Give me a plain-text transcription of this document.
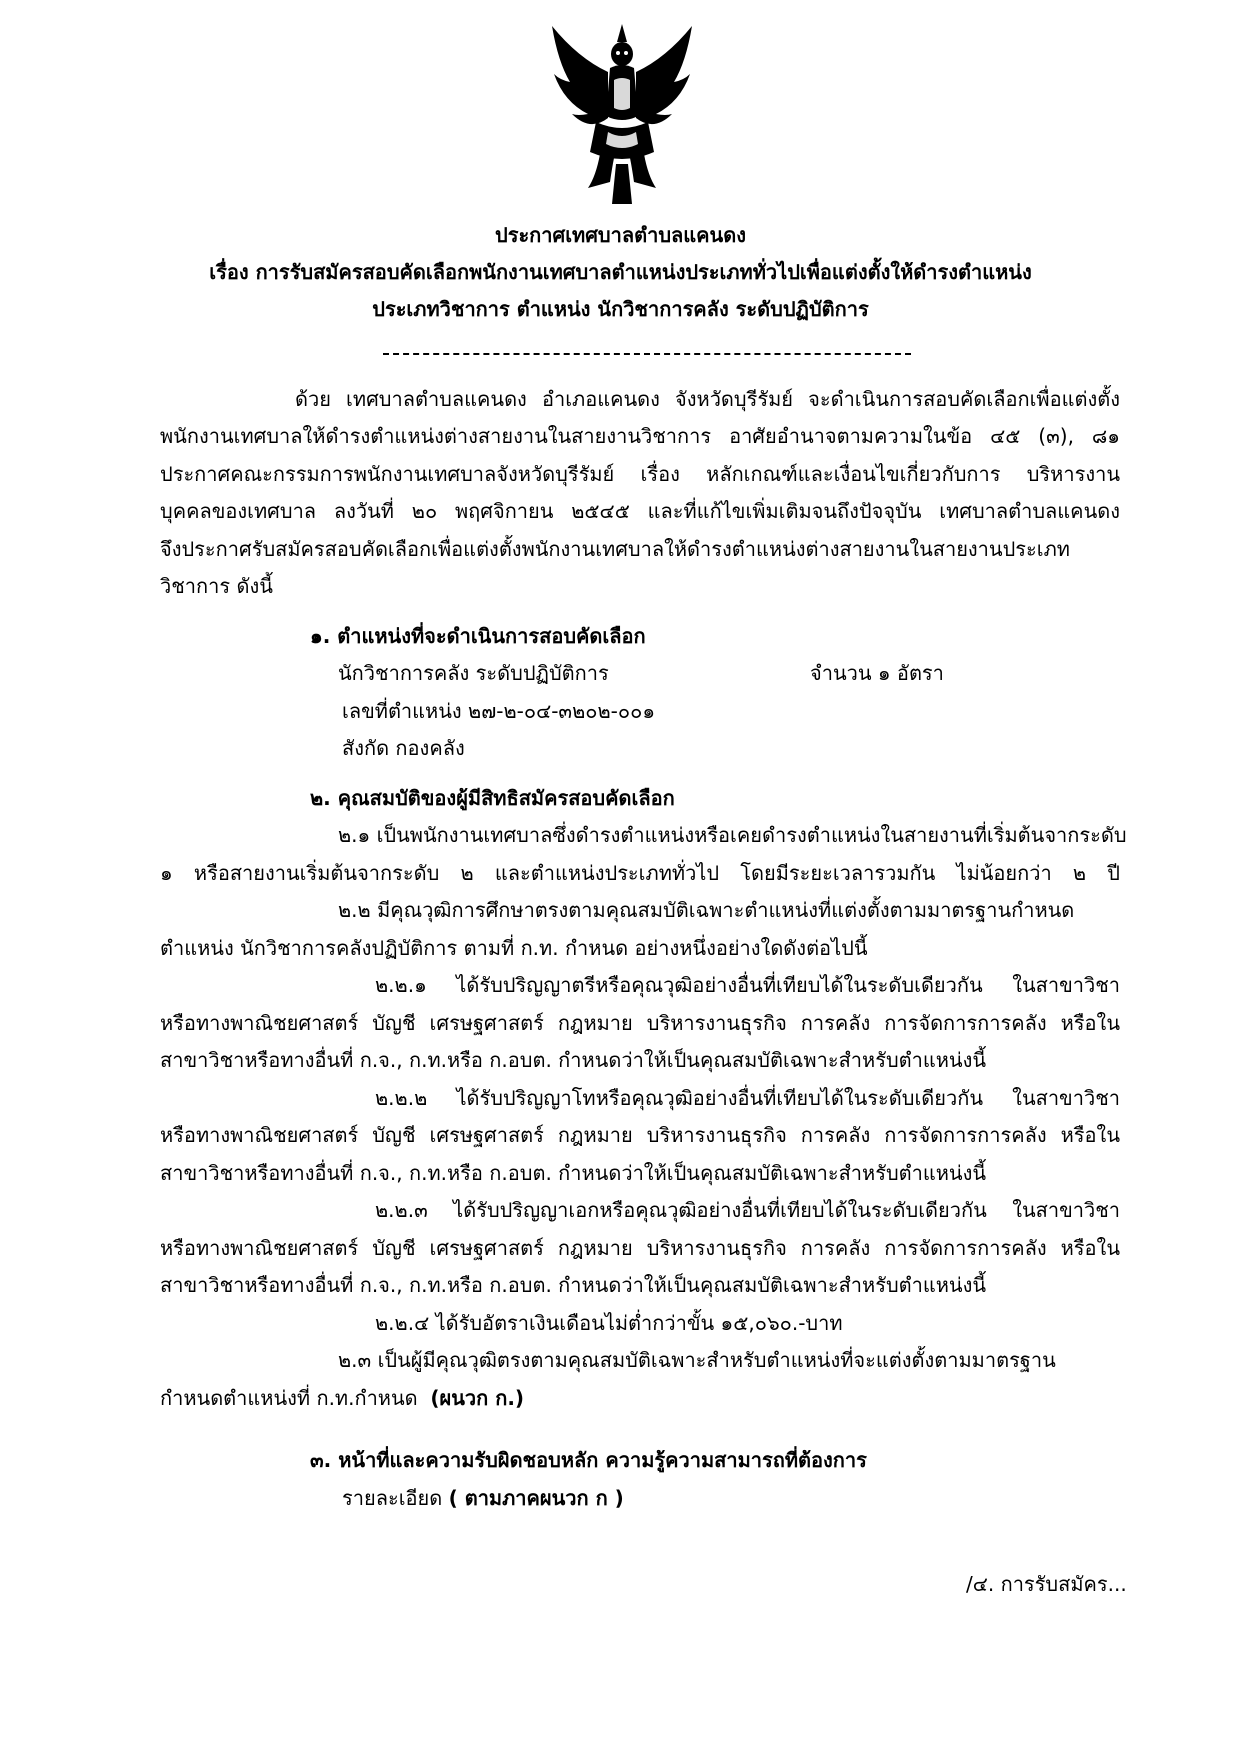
ประกาศเทศบาลตำบลแคนดง
เรื่อง การรับสมัครสอบคัดเลือกพนักงานเทศบาลตำแหน่งประเภททั่วไปเพื่อแต่งตั้งให้ดำรงตำแหน่ง
ประเภทวิชาการ ตำแหน่ง นักวิชาการคลัง ระดับปฏิบัติการ
ด้วย เทศบาลตำบลแคนดง อำเภอแคนดง จังหวัดบุรีรัมย์ จะดำเนินการสอบคัดเลือกเพื่อแต่งตั้ง
พนักงานเทศบาลให้ดำรงตำแหน่งต่างสายงานในสายงานวิชาการ อาศัยอำนาจตามความในข้อ ๔๕ (๓), ๘๑
ประกาศคณะกรรมการพนักงานเทศบาลจังหวัดบุรีรัมย์ เรื่อง หลักเกณฑ์และเงื่อนไขเกี่ยวกับการ บริหารงาน
บุคคลของเทศบาล ลงวันที่ ๒๐ พฤศจิกายน ๒๕๔๕ และที่แก้ไขเพิ่มเติมจนถึงปัจจุบัน เทศบาลตำบลแคนดง
จึงประกาศรับสมัครสอบคัดเลือกเพื่อแต่งตั้งพนักงานเทศบาลให้ดำรงตำแหน่งต่างสายงานในสายงานประเภท
วิชาการ ดังนี้
๑. ตำแหน่งที่จะดำเนินการสอบคัดเลือก
นักวิชาการคลัง ระดับปฏิบัติการ	จำนวน ๑ อัตรา
เลขที่ตำแหน่ง ๒๗-๒-๐๔-๓๒๐๒-๐๐๑
สังกัด กองคลัง
๒. คุณสมบัติของผู้มีสิทธิสมัครสอบคัดเลือก
๒.๑ เป็นพนักงานเทศบาลซึ่งดำรงตำแหน่งหรือเคยดำรงตำแหน่งในสายงานที่เริ่มต้นจากระดับ
๑ หรือสายงานเริ่มต้นจากระดับ ๒ และตำแหน่งประเภททั่วไป โดยมีระยะเวลารวมกัน ไม่น้อยกว่า ๒ ปี
๒.๒ มีคุณวุฒิการศึกษาตรงตามคุณสมบัติเฉพาะตำแหน่งที่แต่งตั้งตามมาตรฐานกำหนด
ตำแหน่ง นักวิชาการคลังปฏิบัติการ ตามที่ ก.ท. กำหนด อย่างหนึ่งอย่างใดดังต่อไปนี้
๒.๒.๑ ได้รับปริญญาตรีหรือคุณวุฒิอย่างอื่นที่เทียบได้ในระดับเดียวกัน ในสาขาวิชา
หรือทางพาณิชยศาสตร์ บัญชี เศรษฐศาสตร์ กฎหมาย บริหารงานธุรกิจ การคลัง การจัดการการคลัง หรือใน
สาขาวิชาหรือทางอื่นที่ ก.จ., ก.ท.หรือ ก.อบต. กำหนดว่าให้เป็นคุณสมบัติเฉพาะสำหรับตำแหน่งนี้
๒.๒.๒ ได้รับปริญญาโทหรือคุณวุฒิอย่างอื่นที่เทียบได้ในระดับเดียวกัน ในสาขาวิชา
หรือทางพาณิชยศาสตร์ บัญชี เศรษฐศาสตร์ กฎหมาย บริหารงานธุรกิจ การคลัง การจัดการการคลัง หรือใน
สาขาวิชาหรือทางอื่นที่ ก.จ., ก.ท.หรือ ก.อบต. กำหนดว่าให้เป็นคุณสมบัติเฉพาะสำหรับตำแหน่งนี้
๒.๒.๓ ได้รับปริญญาเอกหรือคุณวุฒิอย่างอื่นที่เทียบได้ในระดับเดียวกัน ในสาขาวิชา
หรือทางพาณิชยศาสตร์ บัญชี เศรษฐศาสตร์ กฎหมาย บริหารงานธุรกิจ การคลัง การจัดการการคลัง หรือใน
สาขาวิชาหรือทางอื่นที่ ก.จ., ก.ท.หรือ ก.อบต. กำหนดว่าให้เป็นคุณสมบัติเฉพาะสำหรับตำแหน่งนี้
๒.๒.๔ ได้รับอัตราเงินเดือนไม่ต่ำกว่าขั้น ๑๕,๐๖๐.-บาท
๒.๓ เป็นผู้มีคุณวุฒิตรงตามคุณสมบัติเฉพาะสำหรับตำแหน่งที่จะแต่งตั้งตามมาตรฐาน
กำหนดตำแหน่งที่ ก.ท.กำหนด (ผนวก ก.)
๓. หน้าที่และความรับผิดชอบหลัก ความรู้ความสามารถที่ต้องการ
รายละเอียด ( ตามภาคผนวก ก )
/๔. การรับสมัคร...
